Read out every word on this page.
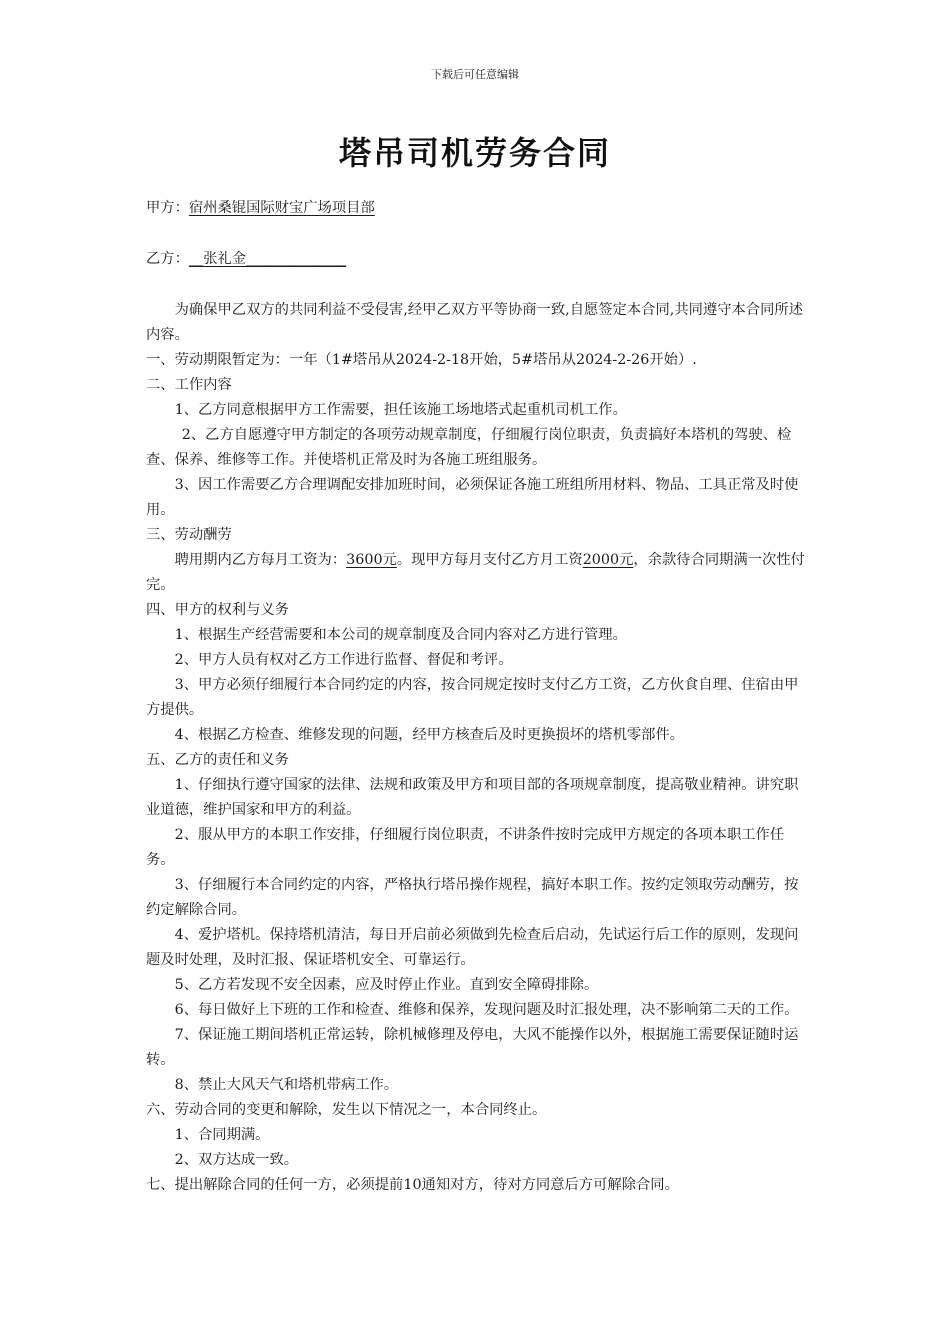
下载后可任意编辑
塔吊司机劳务合同

甲方：宿州桑锟国际财宝广场项目部

乙方：__张礼金______________

为确保甲乙双方的共同利益不受侵害,经甲乙双方平等协商一致,自愿签定本合同,共同遵守本合同所述内容。

一、劳动期限暂定为：一年（1#塔吊从2024-2-18开始，5#塔吊从2024-2-26开始）.

二、工作内容

1、乙方同意根据甲方工作需要，担任该施工场地塔式起重机司机工作。

2、乙方自愿遵守甲方制定的各项劳动规章制度，仔细履行岗位职责，负责搞好本塔机的驾驶、检查、保养、维修等工作。并使塔机正常及时为各施工班组服务。

3、因工作需要乙方合理调配安排加班时间，必须保证各施工班组所用材料、物品、工具正常及时使用。

三、劳动酬劳

聘用期内乙方每月工资为：3600元。现甲方每月支付乙方月工资2000元，余款待合同期满一次性付完。

四、甲方的权利与义务

1、根据生产经营需要和本公司的规章制度及合同内容对乙方进行管理。

2、甲方人员有权对乙方工作进行监督、督促和考评。

3、甲方必须仔细履行本合同约定的内容，按合同规定按时支付乙方工资，乙方伙食自理、住宿由甲方提供。

4、根据乙方检查、维修发现的问题，经甲方核查后及时更换损坏的塔机零部件。

五、乙方的责任和义务

1、仔细执行遵守国家的法律、法规和政策及甲方和项目部的各项规章制度，提高敬业精神。讲究职业道德，维护国家和甲方的利益。

2、服从甲方的本职工作安排，仔细履行岗位职责，不讲条件按时完成甲方规定的各项本职工作任务。

3、仔细履行本合同约定的内容，严格执行塔吊操作规程，搞好本职工作。按约定领取劳动酬劳，按约定解除合同。

4、爱护塔机。保持塔机清洁，每日开启前必须做到先检查后启动，先试运行后工作的原则，发现问题及时处理，及时汇报、保证塔机安全、可靠运行。

5、乙方若发现不安全因素，应及时停止作业。直到安全障碍排除。

6、每日做好上下班的工作和检查、维修和保养，发现问题及时汇报处理，决不影响第二天的工作。

7、保证施工期间塔机正常运转，除机械修理及停电，大风不能操作以外，根据施工需要保证随时运转。

8、禁止大风天气和塔机带病工作。

六、劳动合同的变更和解除，发生以下情况之一，本合同终止。

1、合同期满。

2、双方达成一致。

七、提出解除合同的任何一方，必须提前10通知对方，待对方同意后方可解除合同。
